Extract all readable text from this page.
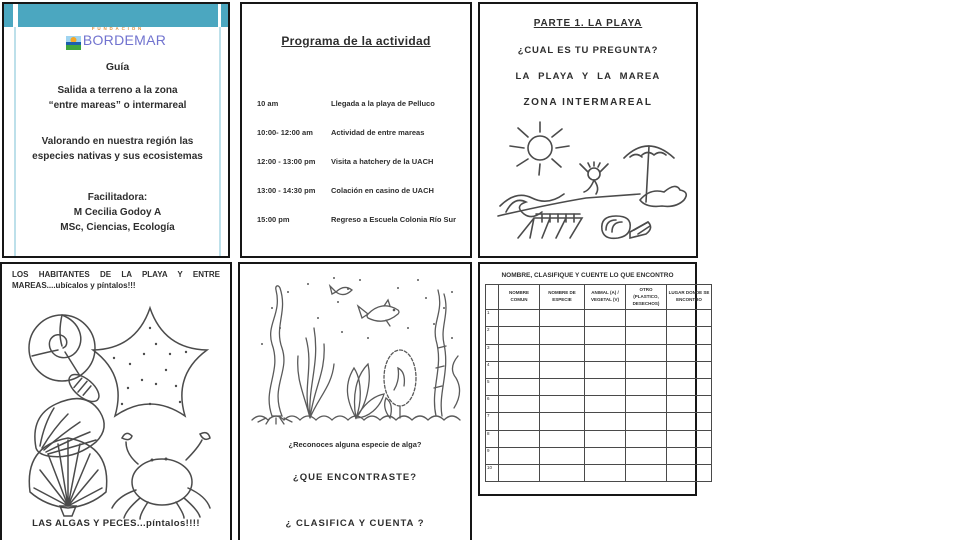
FUNDACION
BORDEMAR
Guía
Salida a terreno a la zona
“entre mareas” o intermareal
Valorando en nuestra región las
especies nativas y sus ecosistemas
Facilitadora:
M Cecilia Godoy A
MSc, Ciencias, Ecología
Programa de la actividad
10 am	Llegada a la playa de Pelluco
10:00- 12:00 am	Actividad de entre mareas
12:00 - 13:00 pm	Visita a hatchery de la UACH
13:00 - 14:30 pm	Colación en casino de UACH
15:00 pm	Regreso a Escuela Colonia Río Sur
PARTE 1. LA PLAYA
¿CUAL ES TU PREGUNTA?
LA PLAYA Y LA MAREA
ZONA INTERMAREAL
LOS HABITANTES DE LA PLAYA Y ENTRE
MAREAS....ubícalos y píntalos!!!
LAS ALGAS Y PECES...píntalos!!!!
¿Reconoces alguna especie de alga?
¿QUE ENCONTRASTE?
¿ CLASIFICA Y CUENTA ?
NOMBRE, CLASIFIQUE Y CUENTE LO QUE ENCONTRO
	NOMBRE COMUN	NOMBRE DE ESPECIE	ANIMAL (A) / VEGETAL (V)	OTRO (PLASTICO, DESECHOS)	LUGAR DONDE SE ENCONTRO
1					
2					
3					
4					
5					
6					
7					
8					
9					
10					
